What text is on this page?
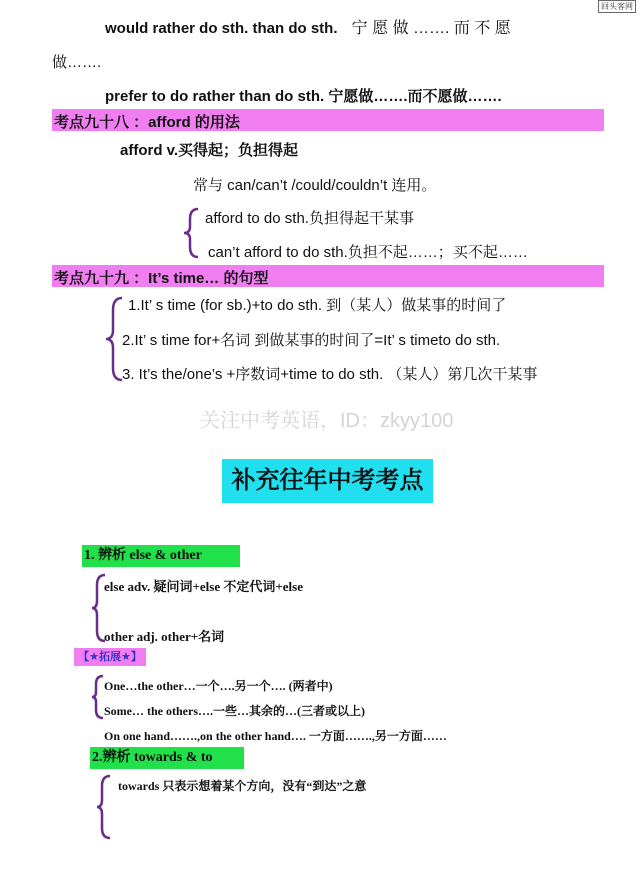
回头客网
would rather do sth. than do sth. 宁 愿 做 ……. 而 不 愿
做…….
prefer to do rather than do sth. 宁愿做…….而不愿做…….
考点九十八 ：afford 的用法
afford v.买得起；负担得起
常与 can/can’t /could/couldn’t 连用。
afford to do sth.负担得起干某事
can’t afford to do sth.负担不起……；买不起……
考点九十九 ：It’s time… 的句型
1.It’ s time (for sb.)+to do sth. 到（某人）做某事的时间了
2.It’ s time for+名词 到做某事的时间了=It’ s timeto do sth.
3. It’s the/one’s +序数词+time to do sth. （某人）第几次干某事
关注中考英语，ID：zkyy100
补充往年中考考点
1. 辨析 else & other
else adv. 疑问词+else 不定代词+else
other adj. other+名词
【★拓展★】
One…the other…一个….另一个…. (两者中)
Some… the others….一些…其余的…(三者或以上)
On one hand…….,on the other hand…. 一方面…….,另一方面……
2.辨析 towards & to
towards 只表示想着某个方向，没有“到达”之意
